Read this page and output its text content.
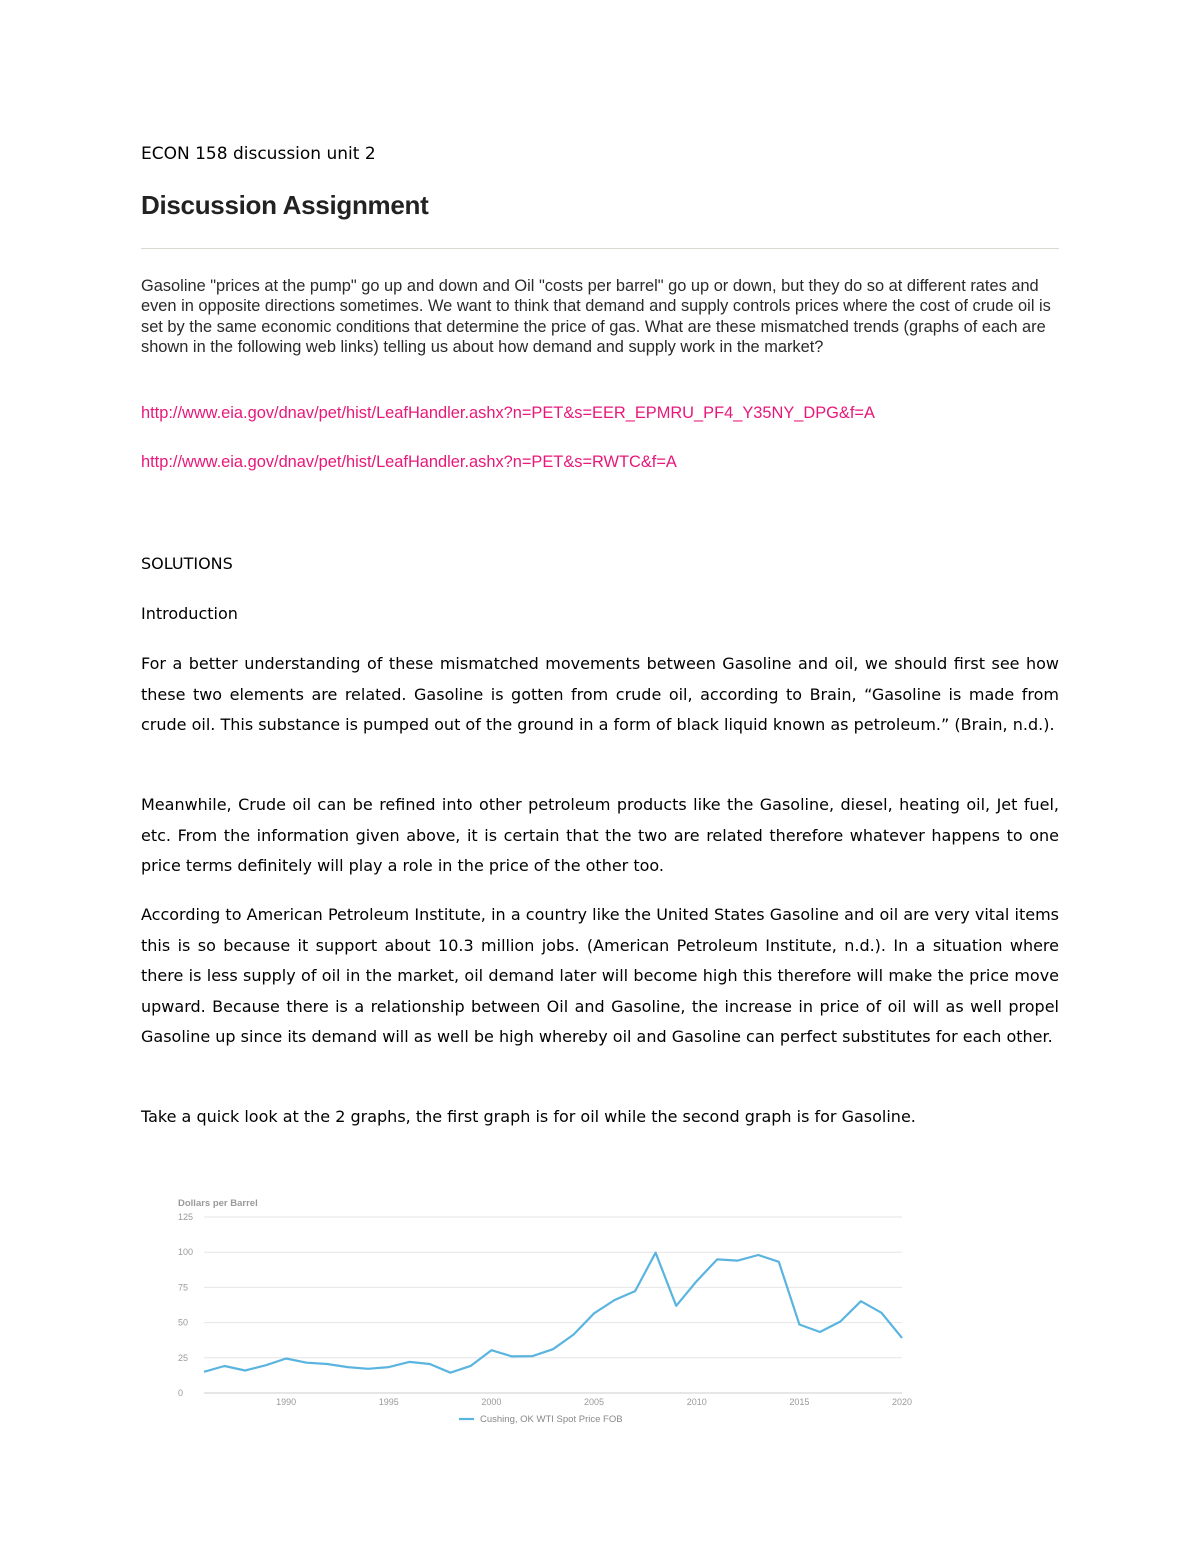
ECON 158 discussion unit 2
Discussion Assignment

Gasoline "prices at the pump" go up and down and Oil "costs per barrel" go up or down, but they do so at different rates and even in opposite directions sometimes. We want to think that demand and supply controls prices where the cost of crude oil is set by the same economic conditions that determine the price of gas. What are these mismatched trends (graphs of each are shown in the following web links) telling us about how demand and supply work in the market?

http://www.eia.gov/dnav/pet/hist/LeafHandler.ashx?n=PET&s=EER_EPMRU_PF4_Y35NY_DPG&f=A
http://www.eia.gov/dnav/pet/hist/LeafHandler.ashx?n=PET&s=RWTC&f=A
SOLUTIONS
Introduction

For a better understanding of these mismatched movements between Gasoline and oil, we should first see how these two elements are related. Gasoline is gotten from crude oil, according to Brain, “Gasoline is made from crude oil. This substance is pumped out of the ground in a form of black liquid known as petroleum.” (Brain, n.d.).

Meanwhile, Crude oil can be refined into other petroleum products like the Gasoline, diesel, heating oil, Jet fuel, etc. From the information given above, it is certain that the two are related therefore whatever happens to one price terms definitely will play a role in the price of the other too.

According to American Petroleum Institute, in a country like the United States Gasoline and oil are very vital items this is so because it support about 10.3 million jobs. (American Petroleum Institute, n.d.). In a situation where there is less supply of oil in the market, oil demand later will become high this therefore will make the price move upward. Because there is a relationship between Oil and Gasoline, the increase in price of oil will as well propel Gasoline up since its demand will as well be high whereby oil and Gasoline can perfect substitutes for each other.

Take a quick look at the 2 graphs, the first graph is for oil while the second graph is for Gasoline.

Dollars per Barrel
0
25
50
75
100
125
1990	1995	2000	2005	2010	2015	2020
Cushing, OK WTI Spot Price FOB
